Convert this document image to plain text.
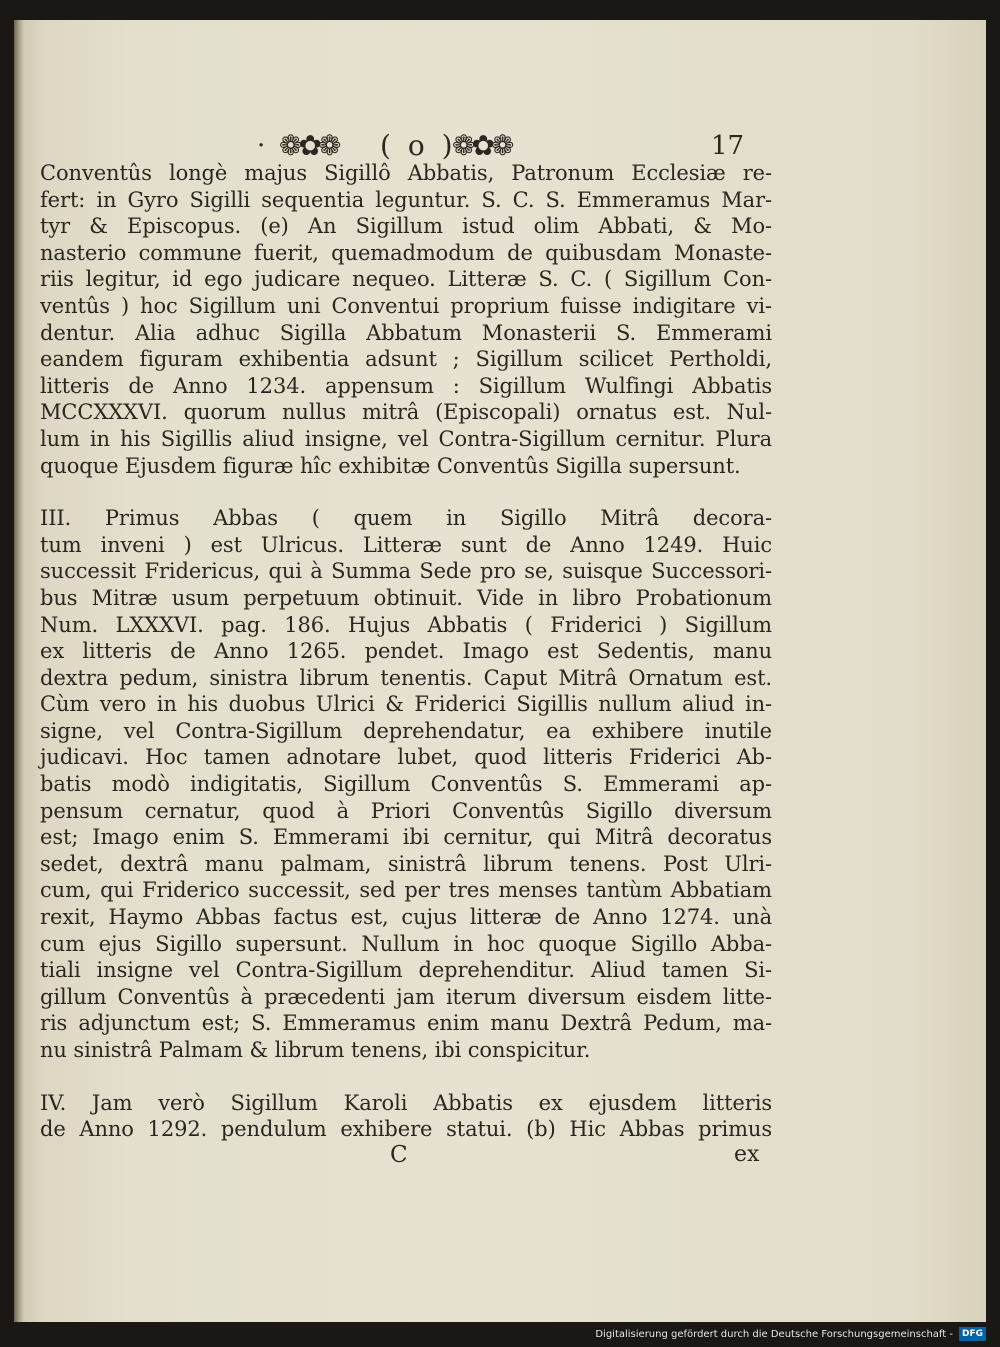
· ❁✿❁ ( o )
❁✿❁	17

Conventûs longè majus Sigillô Abbatis, Patronum Ecclesiæ re-

fert: in Gyro Sigilli sequentia leguntur. S. C. S. Emmeramus Mar-

tyr & Episcopus. (e) An Sigillum istud olim Abbati, & Mo-

nasterio commune fuerit, quemadmodum de quibusdam Monaste-

riis legitur, id ego judicare nequeo. Litteræ S. C. ( Sigillum Con-

ventûs ) hoc Sigillum uni Conventui proprium fuisse indigitare vi-

dentur. Alia adhuc Sigilla Abbatum Monasterii S. Emmerami

eandem figuram exhibentia adsunt ; Sigillum scilicet Pertholdi,

litteris de Anno 1234. appensum : Sigillum Wulfingi Abbatis

MCCXXXVI. quorum nullus mitrâ (Episcopali) ornatus est. Nul-

lum in his Sigillis aliud insigne, vel Contra-Sigillum cernitur. Plura

quoque Ejusdem figuræ hîc exhibitæ Conventûs Sigilla supersunt.

III. Primus Abbas ( quem in Sigillo Mitrâ decora-

tum inveni ) est Ulricus. Litteræ sunt de Anno 1249. Huic

successit Fridericus, qui à Summa Sede pro se, suisque Successori-

bus Mitræ usum perpetuum obtinuit. Vide in libro Probationum

Num. LXXXVI. pag. 186. Hujus Abbatis ( Friderici ) Sigillum

ex litteris de Anno 1265. pendet. Imago est Sedentis, manu

dextra pedum, sinistra librum tenentis. Caput Mitrâ Ornatum est.

Cùm vero in his duobus Ulrici & Friderici Sigillis nullum aliud in-

signe, vel Contra-Sigillum deprehendatur, ea exhibere inutile

judicavi. Hoc tamen adnotare lubet, quod litteris Friderici Ab-

batis modò indigitatis, Sigillum Conventûs S. Emmerami ap-

pensum cernatur, quod à Priori Conventûs Sigillo diversum

est; Imago enim S. Emmerami ibi cernitur, qui Mitrâ decoratus

sedet, dextrâ manu palmam, sinistrâ librum tenens. Post Ulri-

cum, qui Friderico successit, sed per tres menses tantùm Abbatiam

rexit, Haymo Abbas factus est, cujus litteræ de Anno 1274. unà

cum ejus Sigillo supersunt. Nullum in hoc quoque Sigillo Abba-

tiali insigne vel Contra-Sigillum deprehenditur. Aliud tamen Si-

gillum Conventûs à præcedenti jam iterum diversum eisdem litte-

ris adjunctum est; S. Emmeramus enim manu Dextrâ Pedum, ma-

nu sinistrâ Palmam & librum tenens, ibi conspicitur.

IV. Jam verò Sigillum Karoli Abbatis ex ejusdem litteris

de Anno 1292. pendulum exhibere statui. (b) Hic Abbas primus

C	ex
Digitalisierung gefördert durch die Deutsche Forschungsgemeinschaft -	DFG
